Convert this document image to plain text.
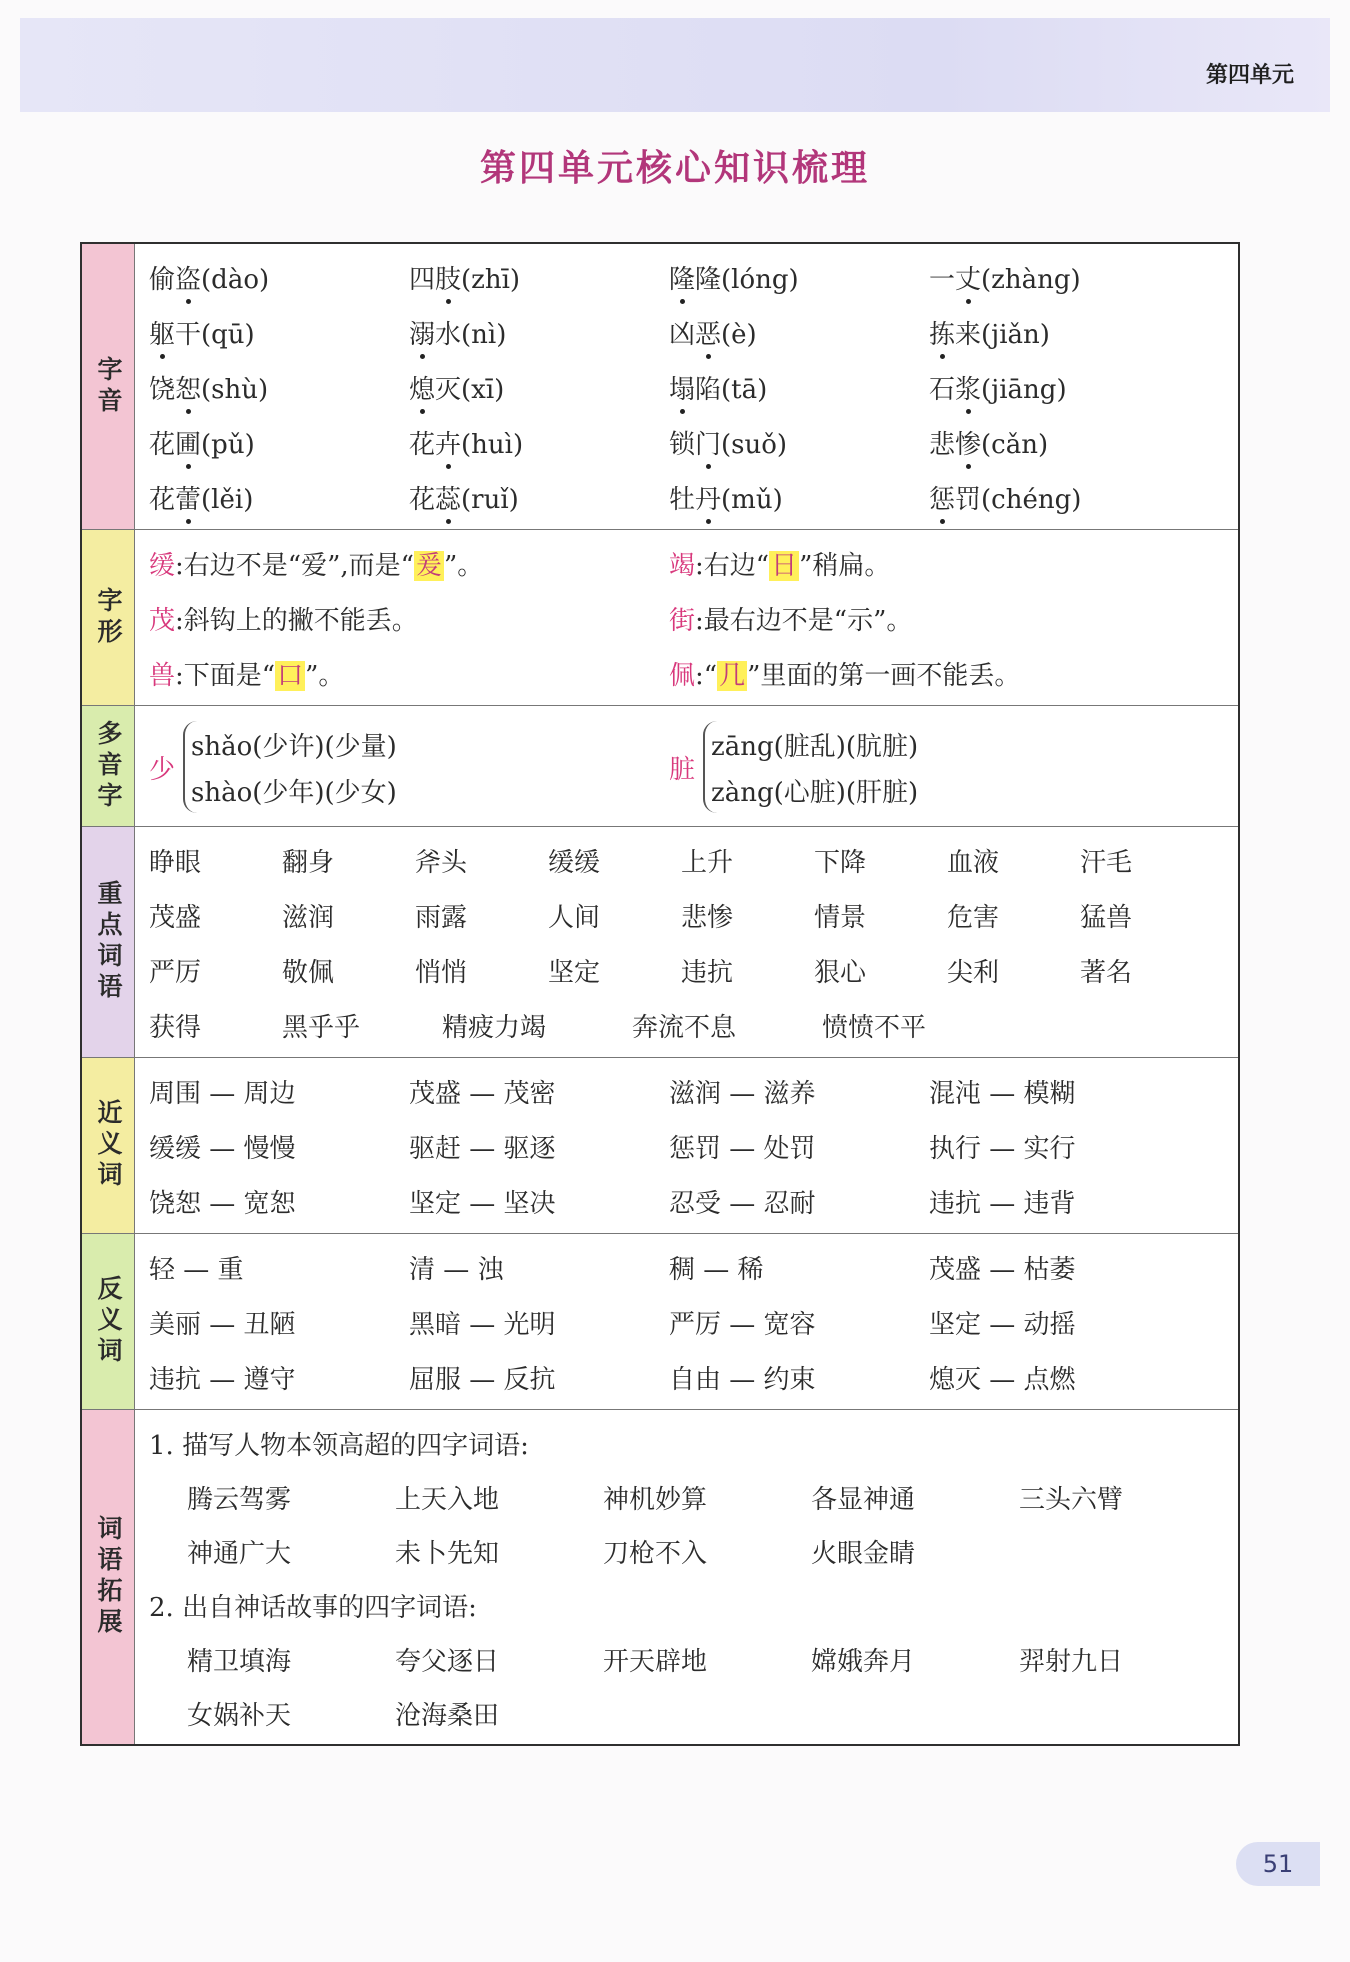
第四单元
第四单元核心知识梳理
字音
偷盗(dào)	四肢(zhī)	隆隆(lóng)	一丈(zhàng)
躯干(qū)	溺水(nì)	凶恶(è)	拣来(jiǎn)
饶恕(shù)	熄灭(xī)	塌陷(tā)	石浆(jiāng)
花圃(pǔ)	花卉(huì)	锁门(suǒ)	悲惨(cǎn)
花蕾(lěi)	花蕊(ruǐ)	牡丹(mǔ)	惩罚(chéng)
字形
缓:右边不是“爱”,而是“爰”。	竭:右边“日”稍扁。
茂:斜钩上的撇不能丢。	街:最右边不是“示”。
兽:下面是“口”。	佩:“几”里面的第一画不能丢。
多音字 少
shǎo(少许)(少量)
shào(少年)(少女)
脏
zāng(脏乱)(肮脏)
zàng(心脏)(肝脏)
重点词语
睁眼	翻身	斧头	缓缓	上升	下降	血液	汗毛
茂盛	滋润	雨露	人间	悲惨	情景	危害	猛兽
严厉	敬佩	悄悄	坚定	违抗	狠心	尖利	著名
获得	黑乎乎	精疲力竭	奔流不息	愤愤不平
近义词
周围 — 周边	茂盛 — 茂密	滋润 — 滋养	混沌 — 模糊
缓缓 — 慢慢	驱赶 — 驱逐	惩罚 — 处罚	执行 — 实行
饶恕 — 宽恕	坚定 — 坚决	忍受 — 忍耐	违抗 — 违背
反义词
轻 — 重	清 — 浊	稠 — 稀	茂盛 — 枯萎
美丽 — 丑陋	黑暗 — 光明	严厉 — 宽容	坚定 — 动摇
违抗 — 遵守	屈服 — 反抗	自由 — 约束	熄灭 — 点燃
词语拓展
1. 描写人物本领高超的四字词语:
腾云驾雾	上天入地	神机妙算	各显神通	三头六臂
神通广大	未卜先知	刀枪不入	火眼金睛
2. 出自神话故事的四字词语:
精卫填海	夸父逐日	开天辟地	嫦娥奔月	羿射九日
女娲补天	沧海桑田
51
